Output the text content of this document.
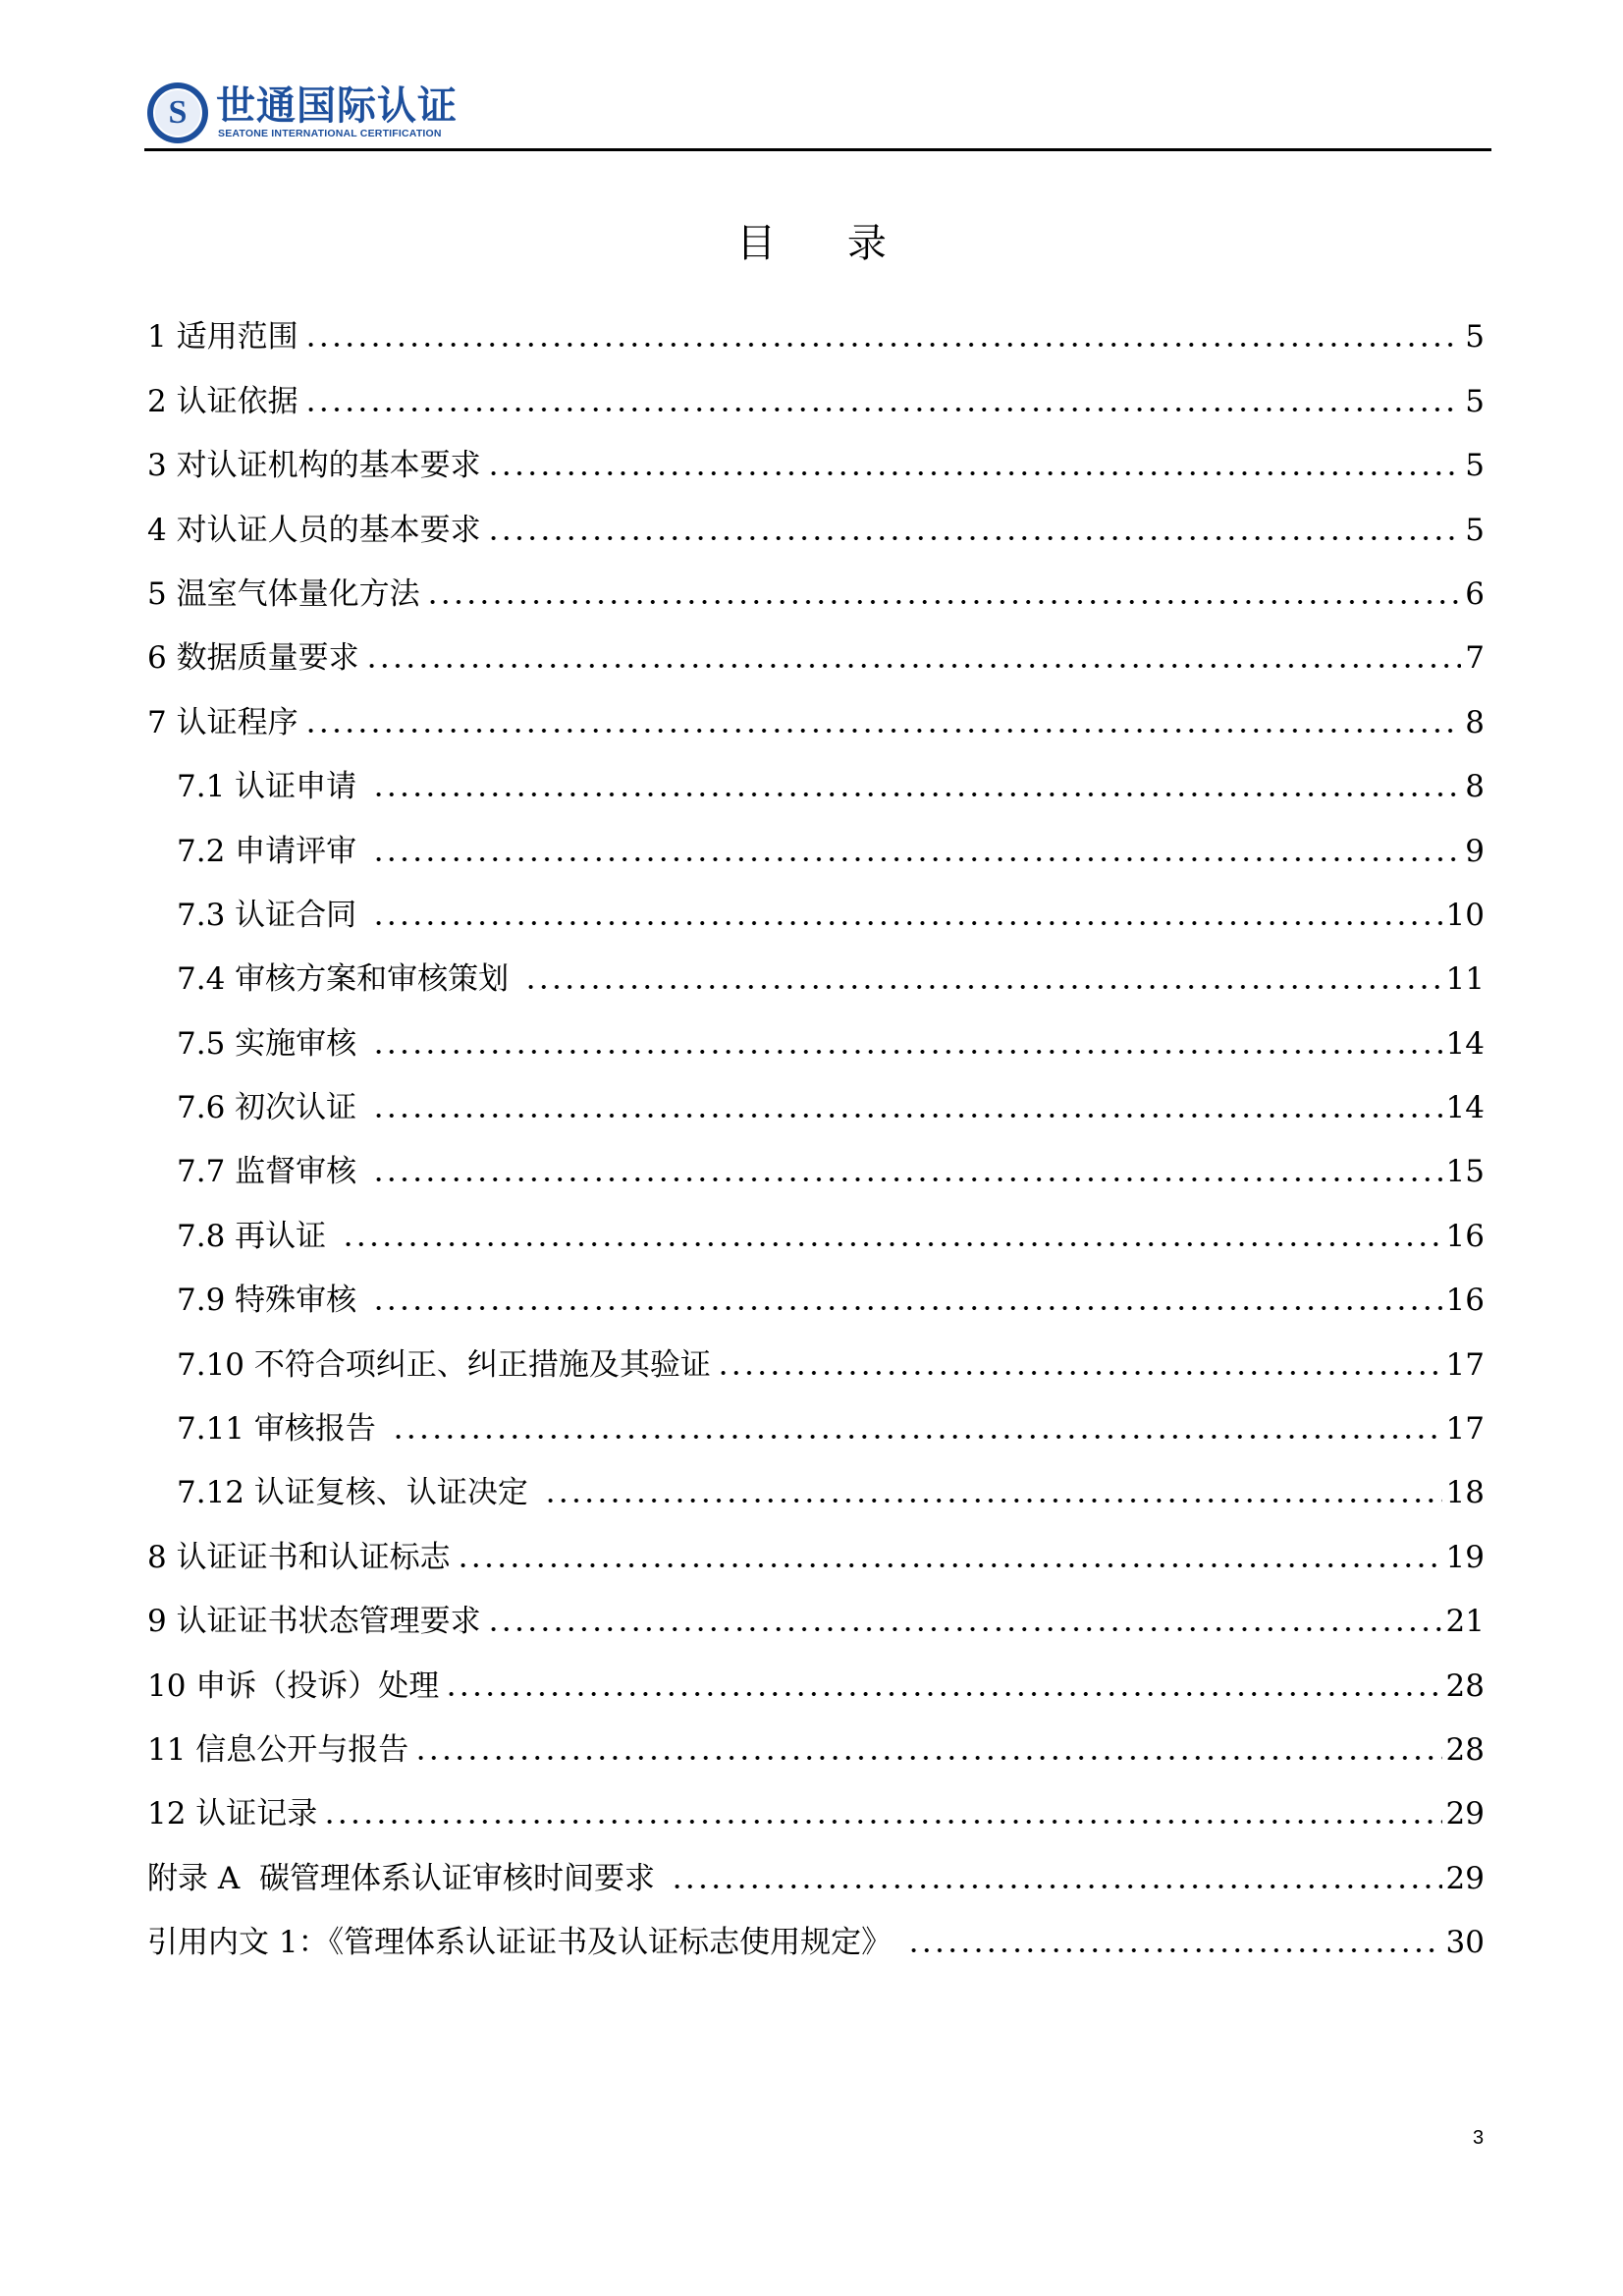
S 世通国际认证
SEATONE INTERNATIONAL CERTIFICATION
目 录
1 适用范围	5
2 认证依据	5
3 对认证机构的基本要求	5
4 对认证人员的基本要求	5
5 温室气体量化方法	6
6 数据质量要求	7
7 认证程序	8
7.1 认证申请	8
7.2 申请评审	9
7.3 认证合同	10
7.4 审核方案和审核策划	11
7.5 实施审核	14
7.6 初次认证	14
7.7 监督审核	15
7.8 再认证	16
7.9 特殊审核	16
7.10 不符合项纠正、纠正措施及其验证	17
7.11 审核报告	17
7.12 认证复核、认证决定	18
8 认证证书和认证标志	19
9 认证证书状态管理要求	21
10 申诉（投诉）处理	28
11 信息公开与报告	28
12 认证记录	29
附录 A  碳管理体系认证审核时间要求	29
引用内文 1：《管理体系认证证书及认证标志使用规定》	30
3
